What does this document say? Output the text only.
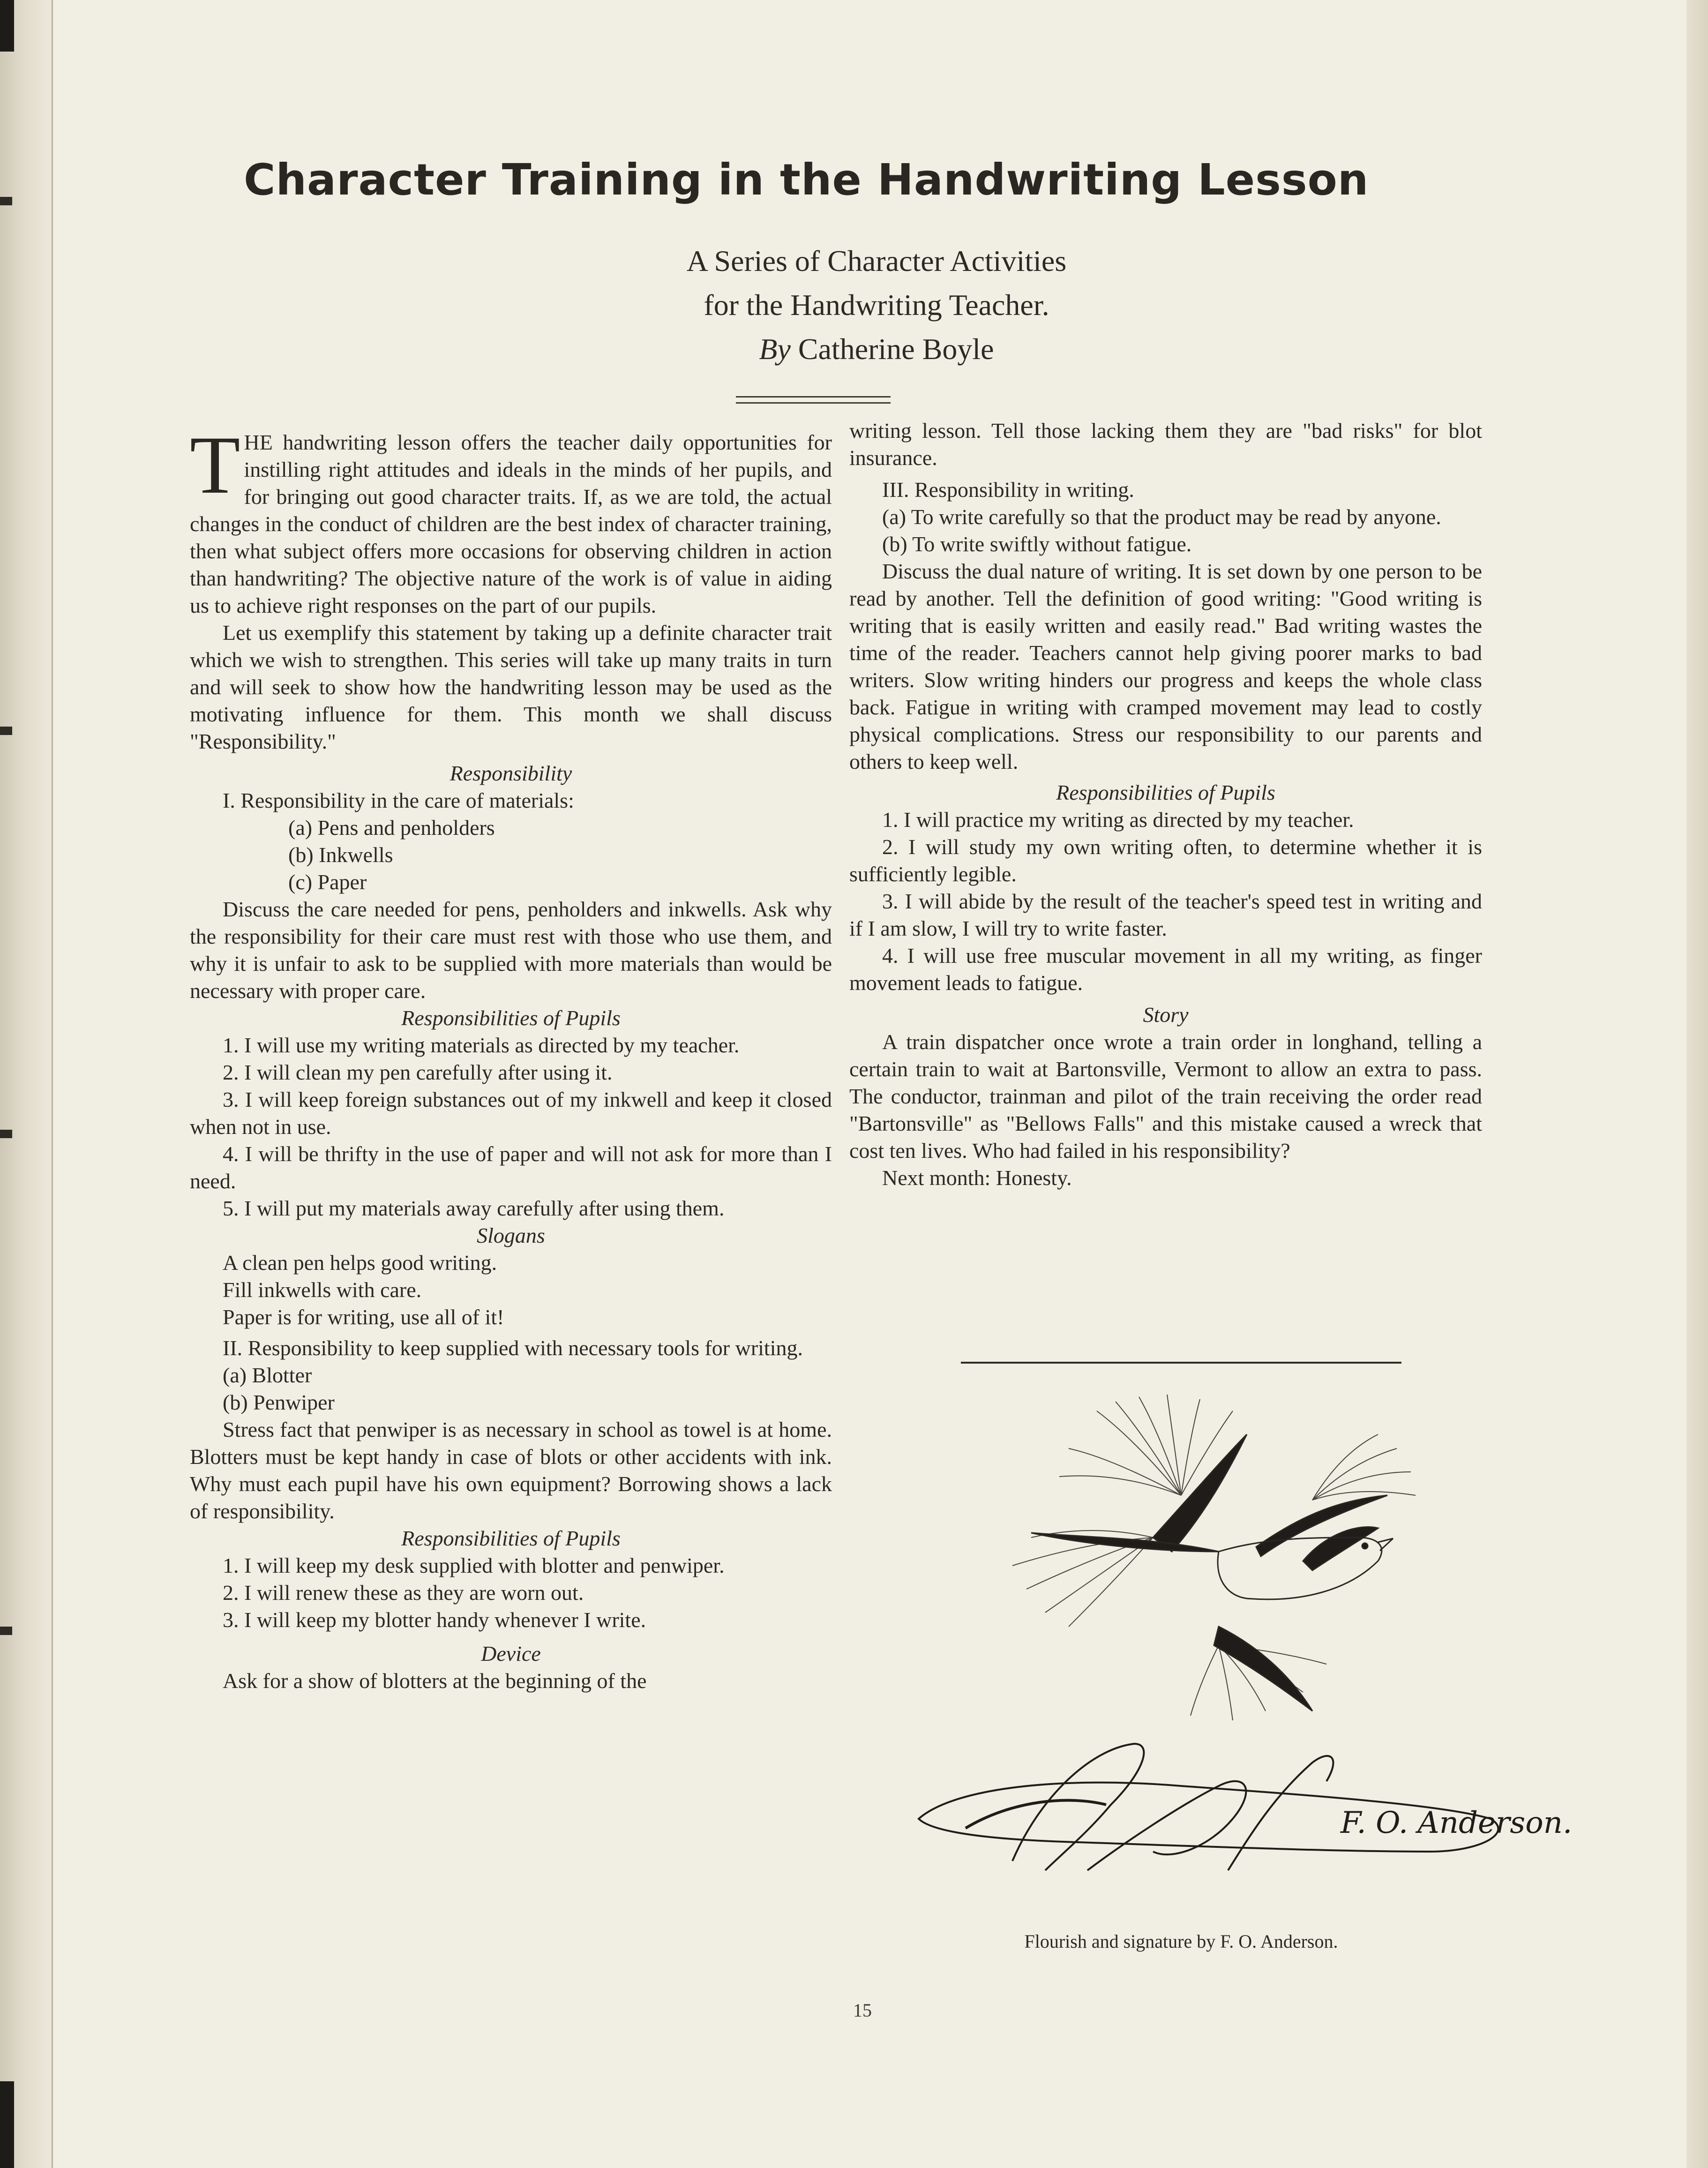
Character Training in the Handwriting Lesson
A Series of Character Activities
for the Handwriting Teacher.
By Catherine Boyle

THE handwriting lesson offers the teacher daily opportunities for instilling right attitudes and ideals in the minds of her pupils, and for bringing out good character traits. If, as we are told, the actual changes in the conduct of children are the best index of character training, then what subject offers more occasions for observing children in action than handwriting? The objective nature of the work is of value in aiding us to achieve right responses on the part of our pupils.

Let us exemplify this statement by taking up a definite character trait which we wish to strengthen. This series will take up many traits in turn and will seek to show how the handwriting lesson may be used as the motivating influence for them. This month we shall discuss "Responsibility."

Responsibility

I. Responsibility in the care of materials:

(a) Pens and penholders

(b) Inkwells

(c) Paper

Discuss the care needed for pens, penholders and inkwells. Ask why the responsibility for their care must rest with those who use them, and why it is unfair to ask to be supplied with more materials than would be necessary with proper care.

Responsibilities of Pupils

1. I will use my writing materials as directed by my teacher.

2. I will clean my pen carefully after using it.

3. I will keep foreign substances out of my inkwell and keep it closed when not in use.

4. I will be thrifty in the use of paper and will not ask for more than I need.

5. I will put my materials away carefully after using them.

Slogans

A clean pen helps good writing.

Fill inkwells with care.

Paper is for writing, use all of it!

II. Responsibility to keep supplied with necessary tools for writing.

(a) Blotter

(b) Penwiper

Stress fact that penwiper is as necessary in school as towel is at home. Blotters must be kept handy in case of blots or other accidents with ink. Why must each pupil have his own equipment? Borrowing shows a lack of responsibility.

Responsibilities of Pupils

1. I will keep my desk supplied with blotter and penwiper.

2. I will renew these as they are worn out.

3. I will keep my blotter handy whenever I write.

Device

Ask for a show of blotters at the beginning of the

writing lesson. Tell those lacking them they are "bad risks" for blot insurance.

III. Responsibility in writing.

(a) To write carefully so that the product may be read by anyone.

(b) To write swiftly without fatigue.

Discuss the dual nature of writing. It is set down by one person to be read by another. Tell the definition of good writing: "Good writing is writing that is easily written and easily read." Bad writing wastes the time of the reader. Teachers cannot help giving poorer marks to bad writers. Slow writing hinders our progress and keeps the whole class back. Fatigue in writing with cramped movement may lead to costly physical complications. Stress our responsibility to our parents and others to keep well.

Responsibilities of Pupils

1. I will practice my writing as directed by my teacher.

2. I will study my own writing often, to determine whether it is sufficiently legible.

3. I will abide by the result of the teacher's speed test in writing and if I am slow, I will try to write faster.

4. I will use free muscular movement in all my writing, as finger movement leads to fatigue.

Story

A train dispatcher once wrote a train order in longhand, telling a certain train to wait at Bartonsville, Vermont to allow an extra to pass. The conductor, trainman and pilot of the train receiving the order read "Bartonsville" as "Bellows Falls" and this mistake caused a wreck that cost ten lives. Who had failed in his responsibility?

Next month: Honesty.

F. O. Anderson.
Flourish and signature by F. O. Anderson.
15
